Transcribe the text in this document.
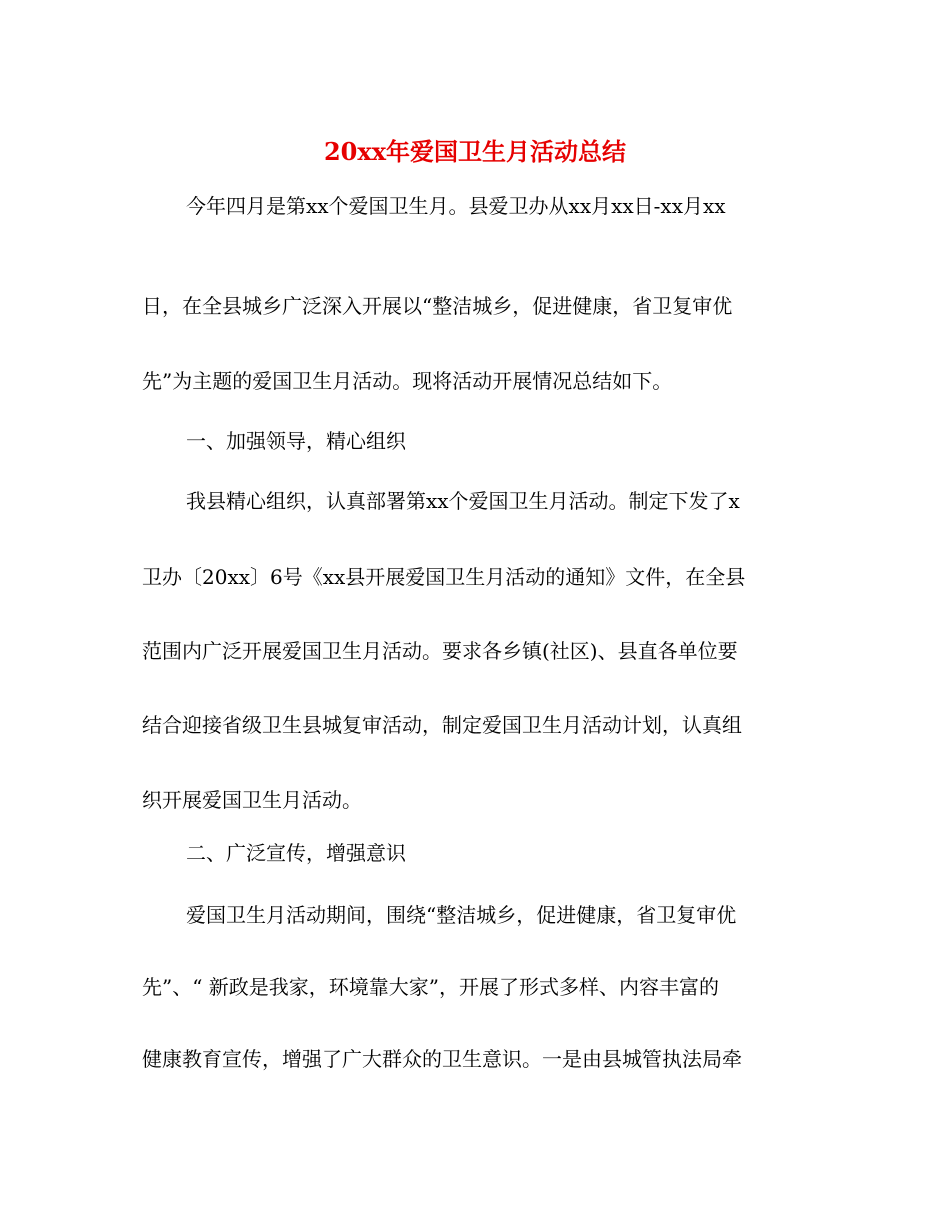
20xx年爱国卫生月活动总结
今年四月是第xx个爱国卫生月。县爱卫办从xx月xx日-xx月xx
日，在全县城乡广泛深入开展以“整洁城乡，促进健康，省卫复审优
先”为主题的爱国卫生月活动。现将活动开展情况总结如下。
一、加强领导，精心组织
我县精心组织，认真部署第xx个爱国卫生月活动。制定下发了x
卫办〔20xx〕6号《xx县开展爱国卫生月活动的通知》文件，在全县
范围内广泛开展爱国卫生月活动。要求各乡镇(社区)、县直各单位要
结合迎接省级卫生县城复审活动，制定爱国卫生月活动计划，认真组
织开展爱国卫生月活动。
二、广泛宣传，增强意识
爱国卫生月活动期间，围绕“整洁城乡，促进健康，省卫复审优
先”、“ 新政是我家，环境靠大家”，开展了形式多样、内容丰富的
健康教育宣传，增强了广大群众的卫生意识。一是由县城管执法局牵
